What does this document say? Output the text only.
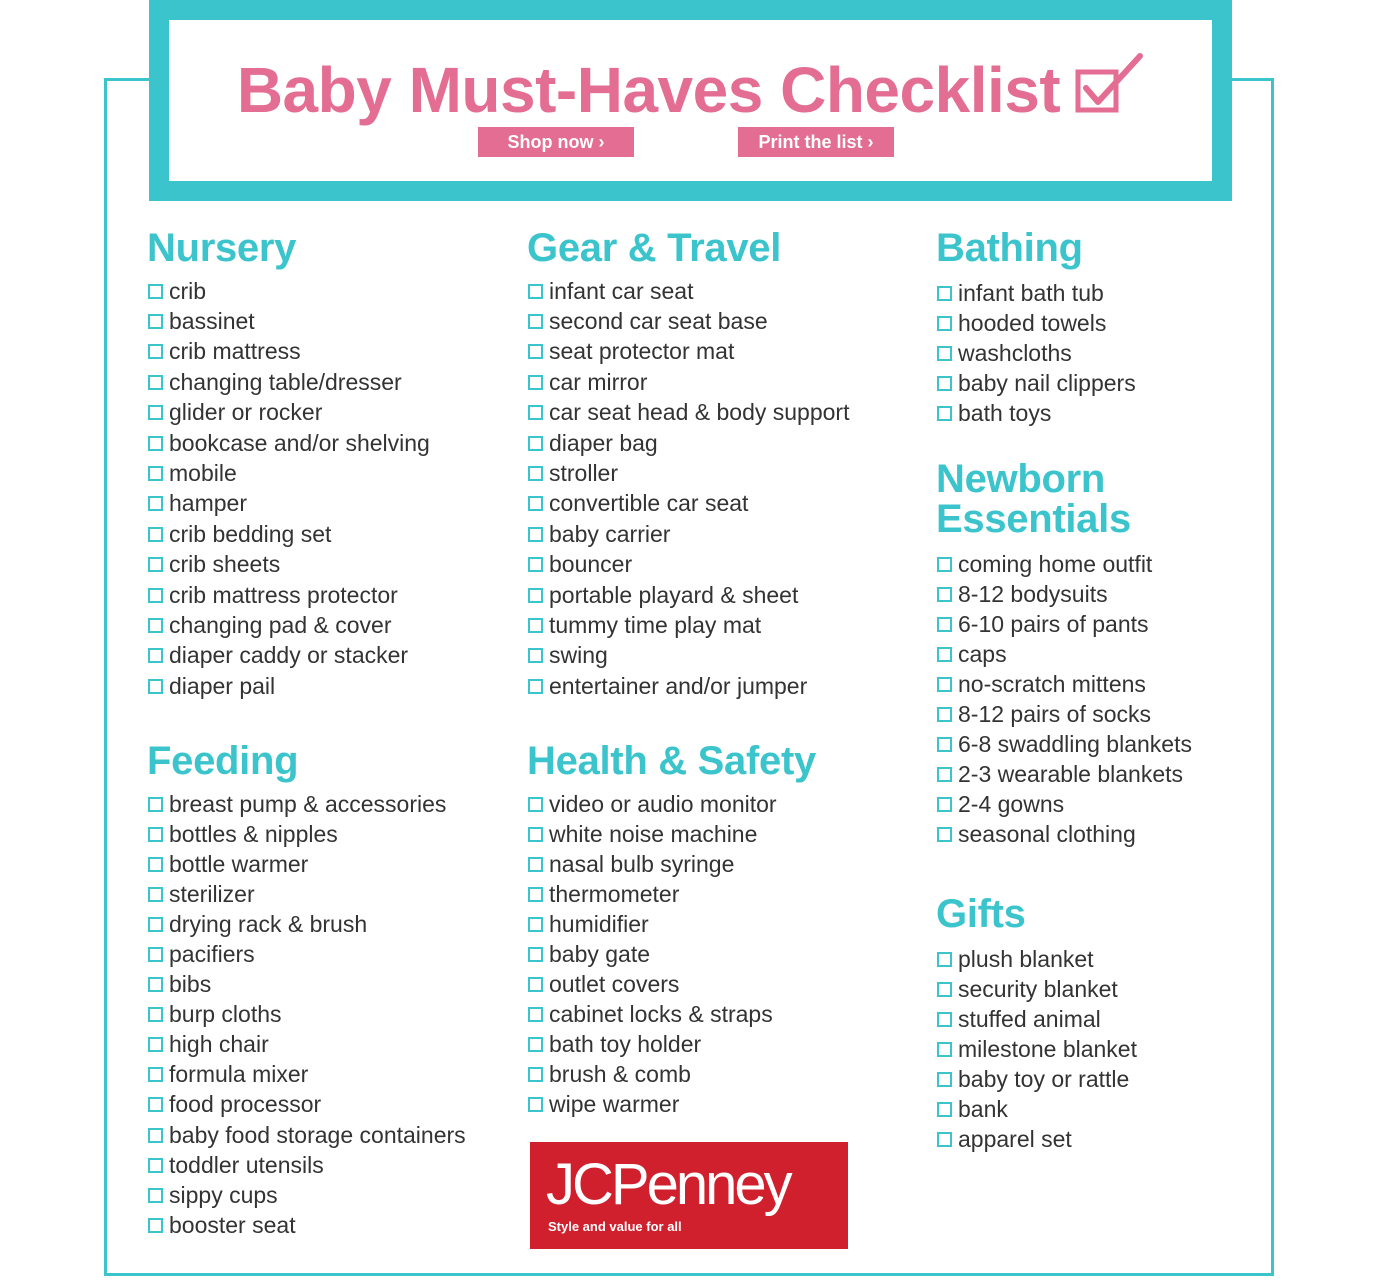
Baby Must-Haves Checklist
Shop now ›	Print the list ›
Nursery
crib
bassinet
crib mattress
changing table/dresser
glider or rocker
bookcase and/or shelving
mobile
hamper
crib bedding set
crib sheets
crib mattress protector
changing pad & cover
diaper caddy or stacker
diaper pail
Feeding
breast pump & accessories
bottles & nipples
bottle warmer
sterilizer
drying rack & brush
pacifiers
bibs
burp cloths
high chair
formula mixer
food processor
baby food storage containers
toddler utensils
sippy cups
booster seat
Gear & Travel
infant car seat
second car seat base
seat protector mat
car mirror
car seat head & body support
diaper bag
stroller
convertible car seat
baby carrier
bouncer
portable playard & sheet
tummy time play mat
swing
entertainer and/or jumper
Health & Safety
video or audio monitor
white noise machine
nasal bulb syringe
thermometer
humidifier
baby gate
outlet covers
cabinet locks & straps
bath toy holder
brush & comb
wipe warmer
Bathing
infant bath tub
hooded towels
washcloths
baby nail clippers
bath toys
Newborn
Essentials
coming home outfit
8-12 bodysuits
6-10 pairs of pants
caps
no-scratch mittens
8-12 pairs of socks
6-8 swaddling blankets
2-3 wearable blankets
2-4 gowns
seasonal clothing
Gifts
plush blanket
security blanket
stuffed animal
milestone blanket
baby toy or rattle
bank
apparel set
JCPenney
Style and value for all
